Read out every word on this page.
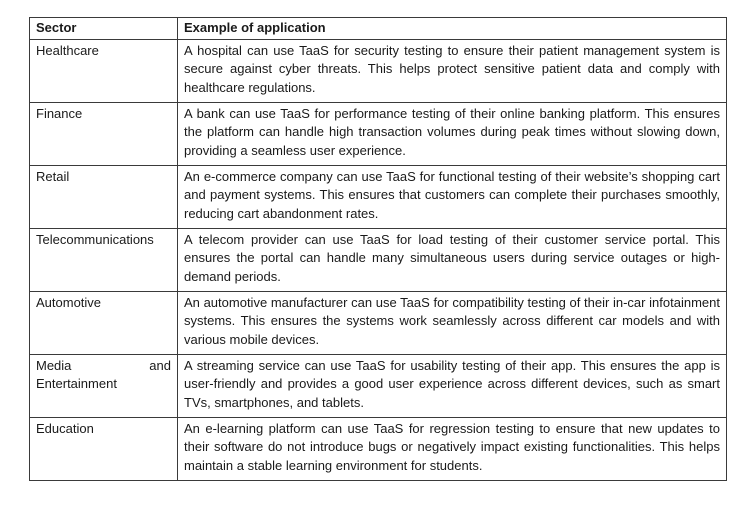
Sector	Example of application
Healthcare	A hospital can use TaaS for security testing to ensure their patient management system is secure against cyber threats. This helps protect sensitive patient data and comply with healthcare regulations.
Finance	A bank can use TaaS for performance testing of their online banking platform. This ensures the platform can handle high transaction volumes during peak times without slowing down, providing a seamless user experience.
Retail	An e-commerce company can use TaaS for functional testing of their website’s shopping cart and payment systems. This ensures that customers can complete their purchases smoothly, reducing cart abandonment rates.
Telecommunications	A telecom provider can use TaaS for load testing of their customer service portal. This ensures the portal can handle many simultaneous users during service outages or high-demand periods.
Automotive	An automotive manufacturer can use TaaS for compatibility testing of their in-car infotainment systems. This ensures the systems work seamlessly across different car models and with various mobile devices.
Media and Entertainment	A streaming service can use TaaS for usability testing of their app. This ensures the app is user-friendly and provides a good user experience across different devices, such as smart TVs, smartphones, and tablets.
Education	An e-learning platform can use TaaS for regression testing to ensure that new updates to their software do not introduce bugs or negatively impact existing functionalities. This helps maintain a stable learning environment for students.
